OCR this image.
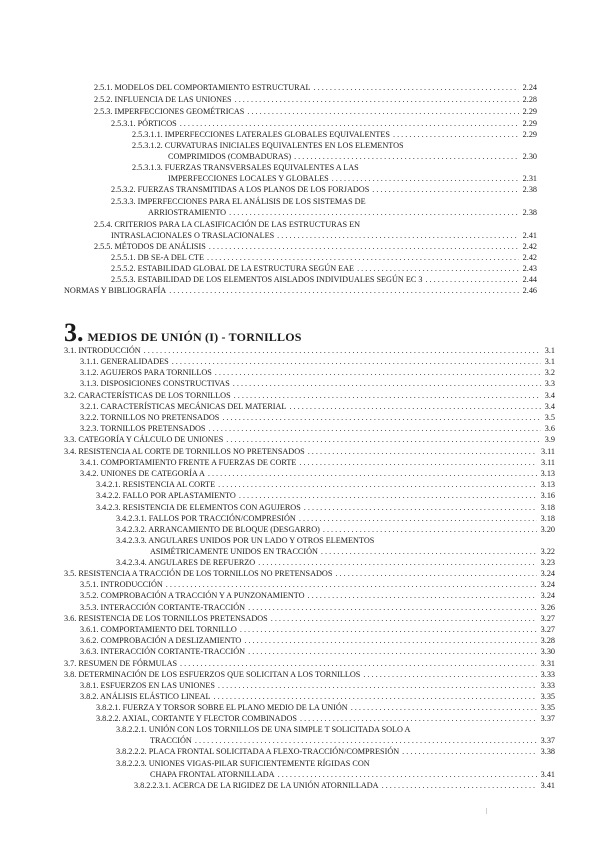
2.5.1. MODELOS DEL COMPORTAMIENTO ESTRUCTURAL . . .	2.24
2.5.2. INFLUENCIA DE LAS UNIONES . . .	2.28
2.5.3. IMPERFECCIONES GEOMÉTRICAS . . .	2.29
2.5.3.1. PÓRTICOS . . .	2.29
2.5.3.1.1. IMPERFECCIONES LATERALES GLOBALES EQUIVALENTES . . .	2.29
2.5.3.1.2. CURVATURAS INICIALES EQUIVALENTES EN LOS ELEMENTOS
COMPRIMIDOS (COMBADURAS) . . .	2.30
2.5.3.1.3. FUERZAS TRANSVERSALES EQUIVALENTES A LAS
IMPERFECCIONES LOCALES Y GLOBALES . . .	2.31
2.5.3.2. FUERZAS TRANSMITIDAS A LOS PLANOS DE LOS FORJADOS . . .	2.38
2.5.3.3. IMPERFECCIONES PARA EL ANÁLISIS DE LOS SISTEMAS DE
ARRIOSTRAMIENTO . . .	2.38
2.5.4. CRITERIOS PARA LA CLASIFICACIÓN DE LAS ESTRUCTURAS EN
INTRASLACIONALES O TRASLACIONALES . . .	2.41
2.5.5. MÉTODOS DE ANÁLISIS . . .	2.42
2.5.5.1. DB SE-A DEL CTE . . .	2.42
2.5.5.2. ESTABILIDAD GLOBAL DE LA ESTRUCTURA SEGÚN EAE . . .	2.43
2.5.5.3. ESTABILIDAD DE LOS ELEMENTOS AISLADOS INDIVIDUALES SEGÚN EC 3 . . .	2.44
NORMAS Y BIBLIOGRAFÍA . . .	2.46
3. MEDIOS DE UNIÓN (I) - TORNILLOS
3.1. INTRODUCCIÓN . . .	3.1
3.1.1. GENERALIDADES . . .	3.1
3.1.2. AGUJEROS PARA TORNILLOS . . .	3.2
3.1.3. DISPOSICIONES CONSTRUCTIVAS . . .	3.3
3.2. CARACTERÍSTICAS DE LOS TORNILLOS . . .	3.4
3.2.1. CARACTERÍSTICAS MECÁNICAS DEL MATERIAL . . .	3.4
3.2.2. TORNILLOS NO PRETENSADOS . . .	3.5
3.2.3. TORNILLOS PRETENSADOS . . .	3.6
3.3. CATEGORÍA Y CÁLCULO DE UNIONES . . .	3.9
3.4. RESISTENCIA AL CORTE DE TORNILLOS NO PRETENSADOS . . .	3.11
3.4.1. COMPORTAMIENTO FRENTE A FUERZAS DE CORTE . . .	3.11
3.4.2. UNIONES DE CATEGORÍA A . . .	3.13
3.4.2.1. RESISTENCIA AL CORTE . . .	3.13
3.4.2.2. FALLO POR APLASTAMIENTO . . .	3.16
3.4.2.3. RESISTENCIA DE ELEMENTOS CON AGUJEROS . . .	3.18
3.4.2.3.1. FALLOS POR TRACCIÓN/COMPRESIÓN . . .	3.18
3.4.2.3.2. ARRANCAMIENTO DE BLOQUE (DESGARRO) . . .	3.20
3.4.2.3.3. ANGULARES UNIDOS POR UN LADO Y OTROS ELEMENTOS
ASIMÉTRICAMENTE UNIDOS EN TRACCIÓN . . .	3.22
3.4.2.3.4. ANGULARES DE REFUERZO . . .	3.23
3.5. RESISTENCIA A TRACCIÓN DE LOS TORNILLOS NO PRETENSADOS . . .	3.24
3.5.1. INTRODUCCIÓN . . .	3.24
3.5.2. COMPROBACIÓN A TRACCIÓN Y A PUNZONAMIENTO . . .	3.24
3.5.3. INTERACCIÓN CORTANTE-TRACCIÓN . . .	3.26
3.6. RESISTENCIA DE LOS TORNILLOS PRETENSADOS . . .	3.27
3.6.1. COMPORTAMIENTO DEL TORNILLO . . .	3.27
3.6.2. COMPROBACIÓN A DESLIZAMIENTO . . .	3.28
3.6.3. INTERACCIÓN CORTANTE-TRACCIÓN . . .	3.30
3.7. RESUMEN DE FÓRMULAS . . .	3.31
3.8. DETERMINACIÓN DE LOS ESFUERZOS QUE SOLICITAN A LOS TORNILLOS . . .	3.33
3.8.1. ESFUERZOS EN LAS UNIONES . . .	3.33
3.8.2. ANÁLISIS ELÁSTICO LINEAL . . .	3.35
3.8.2.1. FUERZA Y TORSOR SOBRE EL PLANO MEDIO DE LA UNIÓN . . .	3.35
3.8.2.2. AXIAL, CORTANTE Y FLECTOR COMBINADOS . . .	3.37
3.8.2.2.1. UNIÓN CON LOS TORNILLOS DE UNA SIMPLE T SOLICITADA SOLO A
TRACCIÓN . . .	3.37
3.8.2.2.2. PLACA FRONTAL SOLICITADA A FLEXO-TRACCIÓN/COMPRESIÓN . . .	3.38
3.8.2.2.3. UNIONES VIGAS-PILAR SUFICIENTEMENTE RÍGIDAS CON
CHAPA FRONTAL ATORNILLADA . . .	3.41
3.8.2.2.3.1. ACERCA DE LA RIGIDEZ DE LA UNIÓN ATORNILLADA . . .	3.41
